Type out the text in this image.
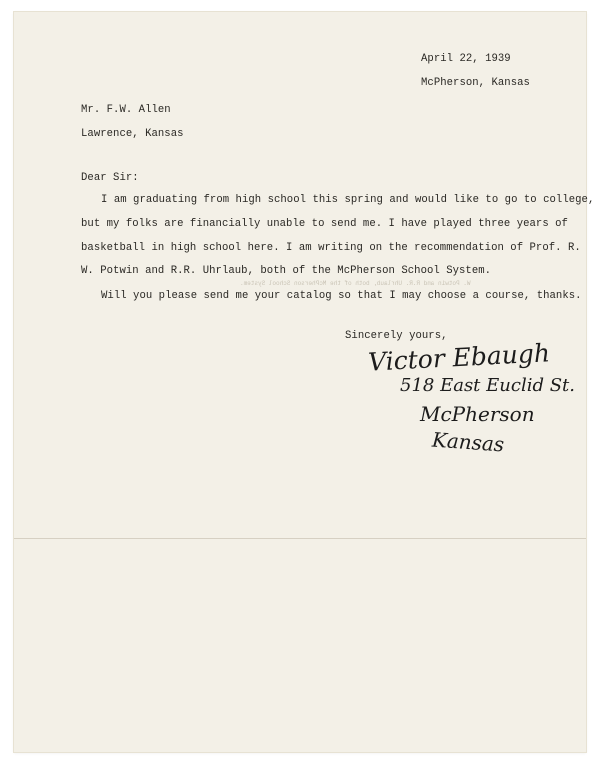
April 22, 1939
McPherson, Kansas
Mr. F.W. Allen
Lawrence, Kansas
Dear Sir:
I am graduating from high school this spring and would like to go to college,
but my folks are financially unable to send me. I have played three years of
basketball in high school here. I am writing on the recommendation of Prof. R.
W. Potwin and R.R. Uhrlaub, both of the McPherson School System.
Will you please send me your catalog so that I may choose a course, thanks.
W. Potwin and R.R. Uhrlaub, both of the McPherson School System.
Sincerely yours,
Victor Ebaugh
518 East Euclid St.
McPherson
Kansas
